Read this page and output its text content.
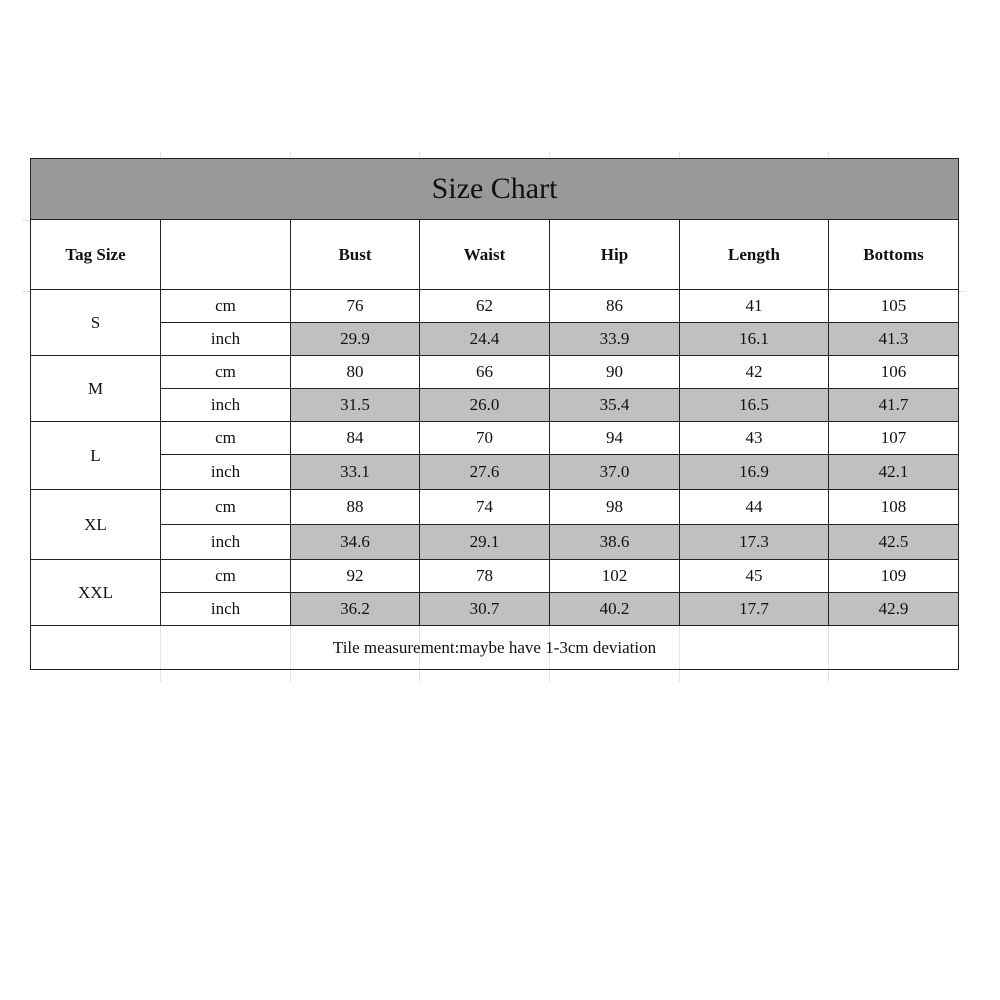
Size Chart						
Tag Size		Bust	Waist	Hip	Length	Bottoms
S	cm	76	62	86	41	105
	inch	29.9	24.4	33.9	16.1	41.3
M	cm	80	66	90	42	106
	inch	31.5	26.0	35.4	16.5	41.7
L	cm	84	70	94	43	107
	inch	33.1	27.6	37.0	16.9	42.1
XL	cm	88	74	98	44	108
	inch	34.6	29.1	38.6	17.3	42.5
XXL	cm	92	78	102	45	109
	inch	36.2	30.7	40.2	17.7	42.9
Tile measurement:maybe have 1-3cm deviation						
